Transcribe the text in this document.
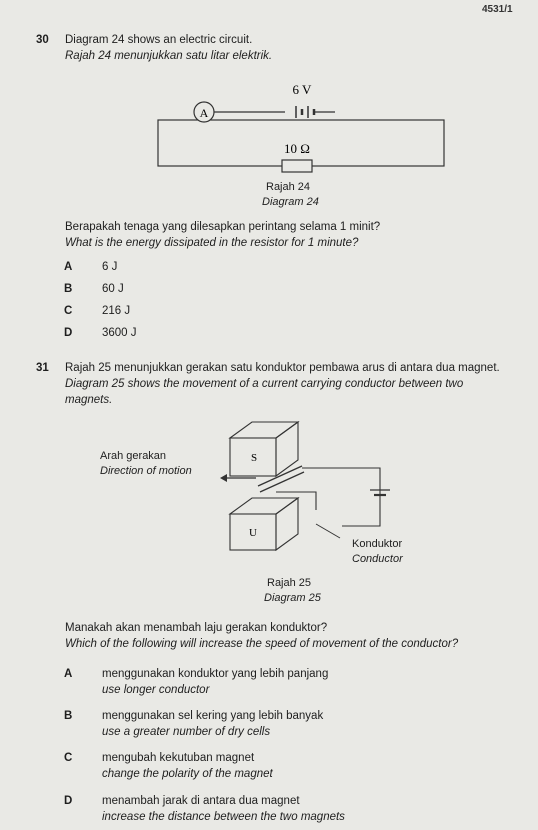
4531/1
30 Diagram 24 shows an electric circuit.
Rajah 24 menunjukkan satu litar elektrik.
A
6 V
10 Ω
Rajah 24
Diagram 24
Berapakah tenaga yang dilesapkan perintang selama 1 minit?
What is the energy dissipated in the resistor for 1 minute?
A	6 J
B	60 J
C	216 J
D	3600 J
31 Rajah 25 menunjukkan gerakan satu konduktor pembawa arus di antara dua magnet.
Diagram 25 shows the movement of a current carrying conductor between two
magnets.
S
U
Arah gerakan
Direction of motion
Konduktor
Conductor
Rajah 25
Diagram 25
Manakah akan menambah laju gerakan konduktor?
Which of the following will increase the speed of movement of the conductor?
A	menggunakan konduktor yang lebih panjang
use longer conductor
B	menggunakan sel kering yang lebih banyak
use a greater number of dry cells
C	mengubah kekutuban magnet
change the polarity of the magnet
D	menambah jarak di antara dua magnet
increase the distance between the two magnets
